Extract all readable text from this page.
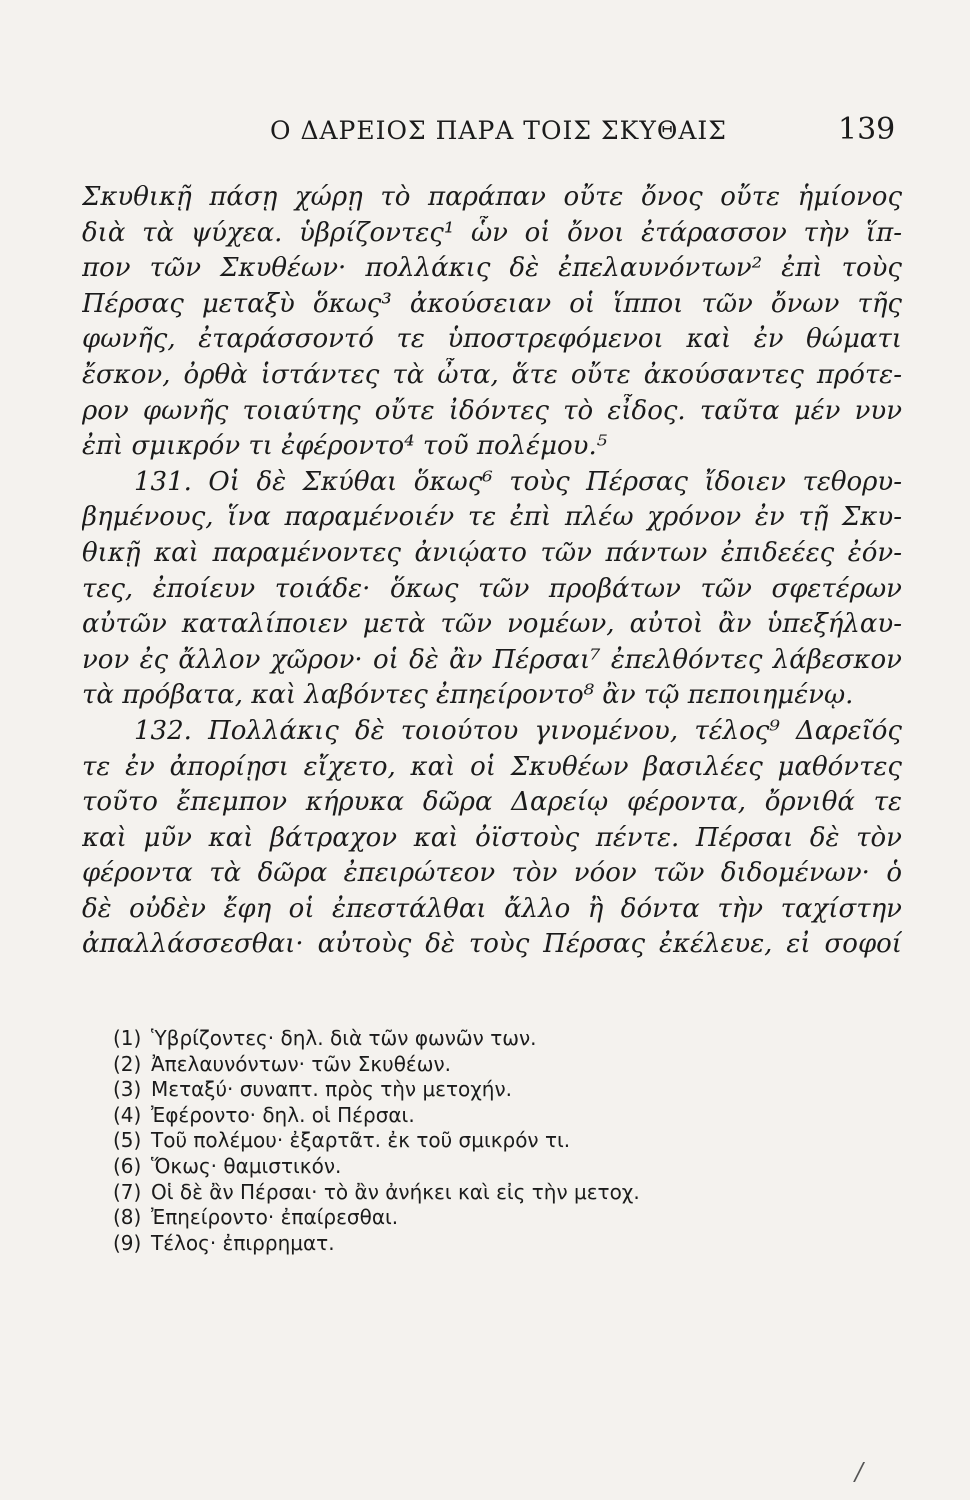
Ο ΔΑΡΕΙΟΣ ΠΑΡΑ ΤΟΙΣ ΣΚΥΘΑΙΣ	139
Σκυθικῇ πάσῃ χώρῃ τὸ παράπαν οὔτε ὄνος οὔτε ἡμίονος
διὰ τὰ ψύχεα. ὑβρίζοντες¹ ὧν οἱ ὄνοι ἐτάρασσον τὴν ἵπ-
πον τῶν Σκυθέων· πολλάκις δὲ ἐπελαυνόντων² ἐπὶ τοὺς
Πέρσας μεταξὺ ὅκως³ ἀκούσειαν οἱ ἵπποι τῶν ὄνων τῆς
φωνῆς, ἐταράσσοντό τε ὑποστρεφόμενοι καὶ ἐν θώματι
ἔσκον, ὀρθὰ ἱστάντες τὰ ὦτα, ἅτε οὔτε ἀκούσαντες πρότε-
ρον φωνῆς τοιαύτης οὔτε ἰδόντες τὸ εἶδος. ταῦτα μέν νυν
ἐπὶ σμικρόν τι ἐφέροντο⁴ τοῦ πολέμου.⁵
131. Οἱ δὲ Σκύθαι ὅκως⁶ τοὺς Πέρσας ἴδοιεν τεθορυ-
βημένους, ἵνα παραμένοιέν τε ἐπὶ πλέω χρόνον ἐν τῇ Σκυ-
θικῇ καὶ παραμένοντες ἀνιῴατο τῶν πάντων ἐπιδεέες ἐόν-
τες, ἐποίευν τοιάδε· ὅκως τῶν προβάτων τῶν σφετέρων
αὐτῶν καταλίποιεν μετὰ τῶν νομέων, αὐτοὶ ἂν ὑπεξήλαυ-
νον ἐς ἄλλον χῶρον· οἱ δὲ ἂν Πέρσαι⁷ ἐπελθόντες λάβεσκον
τὰ πρόβατα, καὶ λαβόντες ἐπηείροντο⁸ ἂν τῷ πεποιημένῳ.
132. Πολλάκις δὲ τοιούτου γινομένου, τέλος⁹ Δαρεῖός
τε ἐν ἀπορίῃσι εἴχετο, καὶ οἱ Σκυθέων βασιλέες μαθόντες
τοῦτο ἔπεμπον κήρυκα δῶρα Δαρείῳ φέροντα, ὄρνιθά τε
καὶ μῦν καὶ βάτραχον καὶ ὀϊστοὺς πέντε. Πέρσαι δὲ τὸν
φέροντα τὰ δῶρα ἐπειρώτεον τὸν νόον τῶν διδομένων· ὁ
δὲ οὐδὲν ἔφη οἱ ἐπεστάλθαι ἄλλο ἢ δόντα τὴν ταχίστην
ἀπαλλάσσεσθαι· αὐτοὺς δὲ τοὺς Πέρσας ἐκέλευε, εἰ σοφοί
(1) Ὑβρίζοντες· δηλ. διὰ τῶν φωνῶν των.
(2) Ἀπελαυνόντων· τῶν Σκυθέων.
(3) Μεταξύ· συναπτ. πρὸς τὴν μετοχήν.
(4) Ἐφέροντο· δηλ. οἱ Πέρσαι.
(5) Τοῦ πολέμου· ἐξαρτᾶτ. ἐκ τοῦ σμικρόν τι.
(6) Ὅκως· θαμιστικόν.
(7) Οἱ δὲ ἂν Πέρσαι· τὸ ἂν ἀνήκει καὶ εἰς τὴν μετοχ.
(8) Ἐπηείροντο· ἐπαίρεσθαι.
(9) Τέλος· ἐπιρρηματ.
/
